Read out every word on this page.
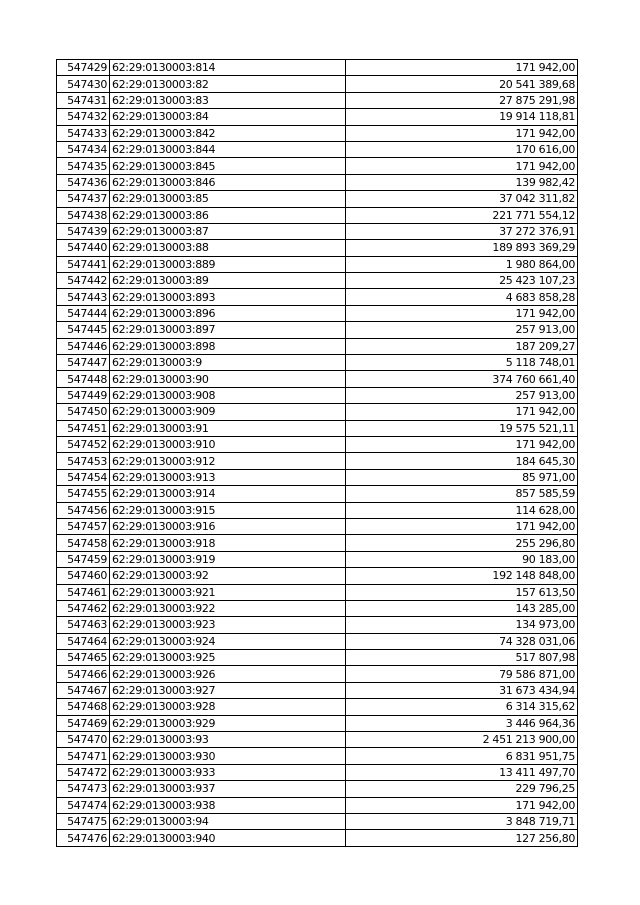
547429	62:29:0130003:814	171 942,00
547430	62:29:0130003:82	20 541 389,68
547431	62:29:0130003:83	27 875 291,98
547432	62:29:0130003:84	19 914 118,81
547433	62:29:0130003:842	171 942,00
547434	62:29:0130003:844	170 616,00
547435	62:29:0130003:845	171 942,00
547436	62:29:0130003:846	139 982,42
547437	62:29:0130003:85	37 042 311,82
547438	62:29:0130003:86	221 771 554,12
547439	62:29:0130003:87	37 272 376,91
547440	62:29:0130003:88	189 893 369,29
547441	62:29:0130003:889	1 980 864,00
547442	62:29:0130003:89	25 423 107,23
547443	62:29:0130003:893	4 683 858,28
547444	62:29:0130003:896	171 942,00
547445	62:29:0130003:897	257 913,00
547446	62:29:0130003:898	187 209,27
547447	62:29:0130003:9	5 118 748,01
547448	62:29:0130003:90	374 760 661,40
547449	62:29:0130003:908	257 913,00
547450	62:29:0130003:909	171 942,00
547451	62:29:0130003:91	19 575 521,11
547452	62:29:0130003:910	171 942,00
547453	62:29:0130003:912	184 645,30
547454	62:29:0130003:913	85 971,00
547455	62:29:0130003:914	857 585,59
547456	62:29:0130003:915	114 628,00
547457	62:29:0130003:916	171 942,00
547458	62:29:0130003:918	255 296,80
547459	62:29:0130003:919	90 183,00
547460	62:29:0130003:92	192 148 848,00
547461	62:29:0130003:921	157 613,50
547462	62:29:0130003:922	143 285,00
547463	62:29:0130003:923	134 973,00
547464	62:29:0130003:924	74 328 031,06
547465	62:29:0130003:925	517 807,98
547466	62:29:0130003:926	79 586 871,00
547467	62:29:0130003:927	31 673 434,94
547468	62:29:0130003:928	6 314 315,62
547469	62:29:0130003:929	3 446 964,36
547470	62:29:0130003:93	2 451 213 900,00
547471	62:29:0130003:930	6 831 951,75
547472	62:29:0130003:933	13 411 497,70
547473	62:29:0130003:937	229 796,25
547474	62:29:0130003:938	171 942,00
547475	62:29:0130003:94	3 848 719,71
547476	62:29:0130003:940	127 256,80
